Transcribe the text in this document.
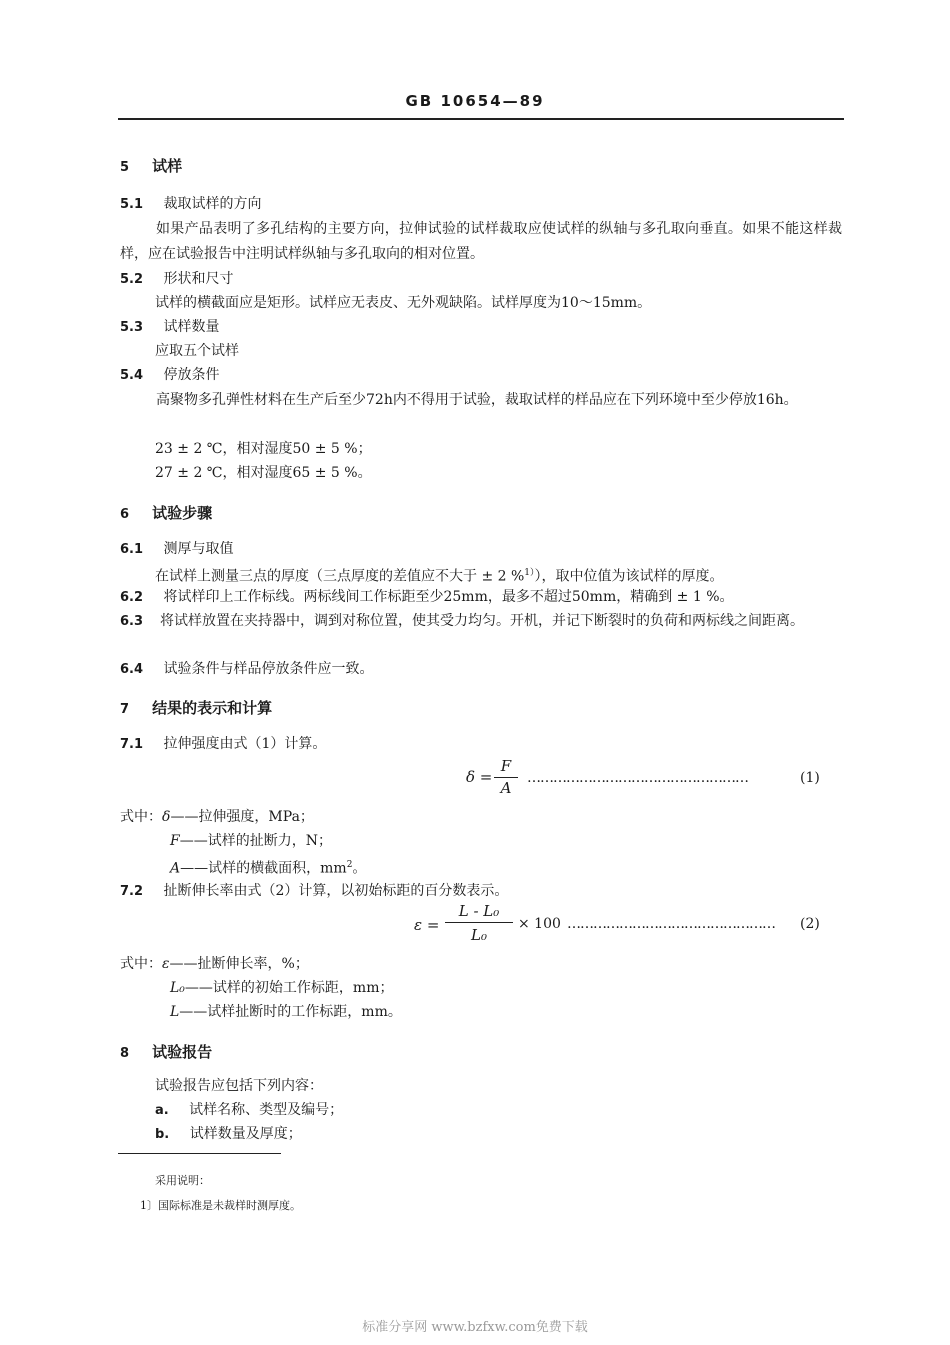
GB 10654—89
5 试样
5.1 裁取试样的方向
如果产品表明了多孔结构的主要方向，拉伸试验的试样裁取应使试样的纵轴与多孔取向垂直。如果不能这样裁样，应在试验报告中注明试样纵轴与多孔取向的相对位置。
5.2 形状和尺寸
试样的横截面应是矩形。试样应无表皮、无外观缺陷。试样厚度为10～15mm。
5.3 试样数量
应取五个试样
5.4 停放条件
高聚物多孔弹性材料在生产后至少72h内不得用于试验，裁取试样的样品应在下列环境中至少停放16h。
23 ± 2 ℃，相对湿度50 ± 5 %；
27 ± 2 ℃，相对湿度65 ± 5 %。
6 试验步骤
6.1 测厚与取值
在试样上测量三点的厚度（三点厚度的差值应不大于 ± 2 %$^{1)}$），取中位值为该试样的厚度。
6.2 将试样印上工作标线。两标线间工作标距至少25mm，最多不超过50mm，精确到 ± 1 %。
6.3 将试样放置在夹持器中，调到对称位置，使其受力均匀。开机，并记下断裂时的负荷和两标线之间距离。
6.4 试验条件与样品停放条件应一致。
7 结果的表示和计算
7.1 拉伸强度由式（1）计算。
δ =
F
A
……………………………………………	(1)
式中：δ——拉伸强度，MPa；
F——试样的扯断力，N；
A——试样的横截面积，$mm^2$。
7.2 扯断伸长率由式（2）计算，以初始标距的百分数表示。
ε =
L - L₀
L₀
× 100 ………………………………………… (2)
式中：ε——扯断伸长率，%；
L₀——试样的初始工作标距，mm；
L——试样扯断时的工作标距，mm。
8 试验报告
试验报告应包括下列内容：
a. 试样名称、类型及编号；
b. 试样数量及厚度；
采用说明：
1〕国际标准是未裁样时测厚度。
标准分享网 www.bzfxw.com免费下载
